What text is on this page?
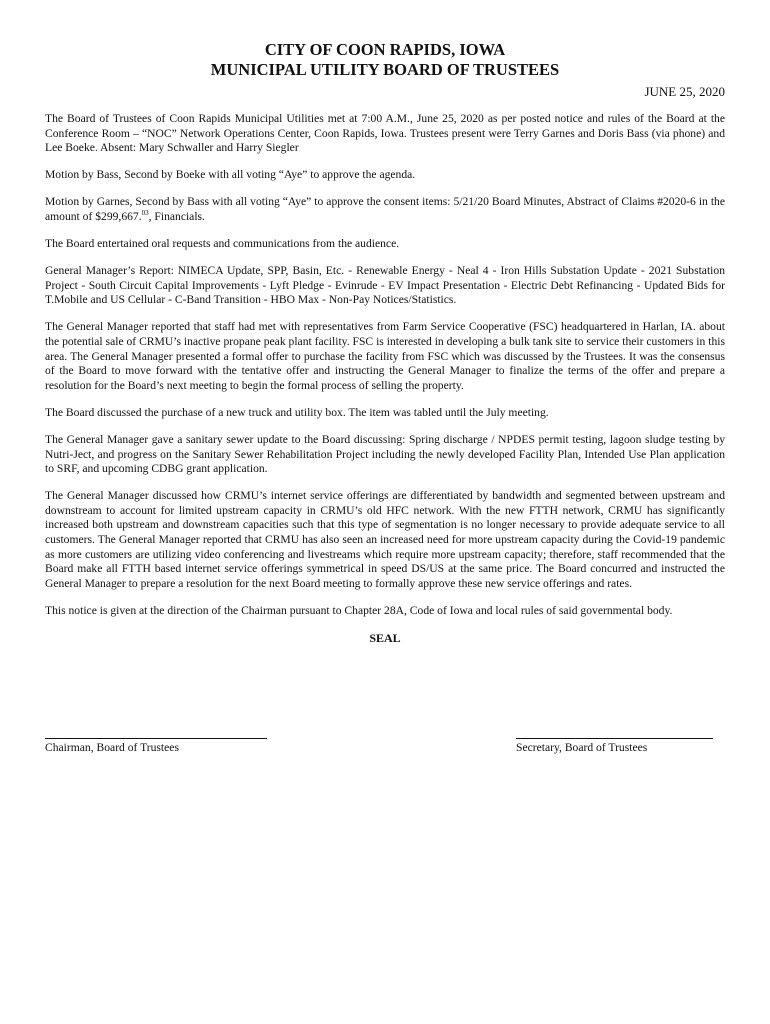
CITY OF COON RAPIDS, IOWA
MUNICIPAL UTILITY BOARD OF TRUSTEES
JUNE 25, 2020

The Board of Trustees of Coon Rapids Municipal Utilities met at 7:00 A.M., June 25, 2020 as per posted notice and rules of the Board at the Conference Room – “NOC” Network Operations Center, Coon Rapids, Iowa. Trustees present were Terry Garnes and Doris Bass (via phone) and Lee Boeke. Absent: Mary Schwaller and Harry Siegler

Motion by Bass, Second by Boeke with all voting “Aye” to approve the agenda.

Motion by Garnes, Second by Bass with all voting “Aye” to approve the consent items: 5/21/20 Board Minutes, Abstract of Claims #2020-6 in the amount of $299,667.03, Financials.

The Board entertained oral requests and communications from the audience.

General Manager’s Report: NIMECA Update, SPP, Basin, Etc. - Renewable Energy - Neal 4 - Iron Hills Substation Update - 2021 Substation Project - South Circuit Capital Improvements - Lyft Pledge - Evinrude - EV Impact Presentation - Electric Debt Refinancing - Updated Bids for T.Mobile and US Cellular - C-Band Transition - HBO Max - Non-Pay Notices/Statistics.

The General Manager reported that staff had met with representatives from Farm Service Cooperative (FSC) headquartered in Harlan, IA. about the potential sale of CRMU’s inactive propane peak plant facility. FSC is interested in developing a bulk tank site to service their customers in this area. The General Manager presented a formal offer to purchase the facility from FSC which was discussed by the Trustees. It was the consensus of the Board to move forward with the tentative offer and instructing the General Manager to finalize the terms of the offer and prepare a resolution for the Board’s next meeting to begin the formal process of selling the property.

The Board discussed the purchase of a new truck and utility box. The item was tabled until the July meeting.

The General Manager gave a sanitary sewer update to the Board discussing: Spring discharge / NPDES permit testing, lagoon sludge testing by Nutri-Ject, and progress on the Sanitary Sewer Rehabilitation Project including the newly developed Facility Plan, Intended Use Plan application to SRF, and upcoming CDBG grant application.

The General Manager discussed how CRMU’s internet service offerings are differentiated by bandwidth and segmented between upstream and downstream to account for limited upstream capacity in CRMU’s old HFC network. With the new FTTH network, CRMU has significantly increased both upstream and downstream capacities such that this type of segmentation is no longer necessary to provide adequate service to all customers. The General Manager reported that CRMU has also seen an increased need for more upstream capacity during the Covid-19 pandemic as more customers are utilizing video conferencing and livestreams which require more upstream capacity; therefore, staff recommended that the Board make all FTTH based internet service offerings symmetrical in speed DS/US at the same price. The Board concurred and instructed the General Manager to prepare a resolution for the next Board meeting to formally approve these new service offerings and rates.

This notice is given at the direction of the Chairman pursuant to Chapter 28A, Code of Iowa and local rules of said governmental body.

SEAL
Chairman, Board of Trustees	Secretary, Board of Trustees
